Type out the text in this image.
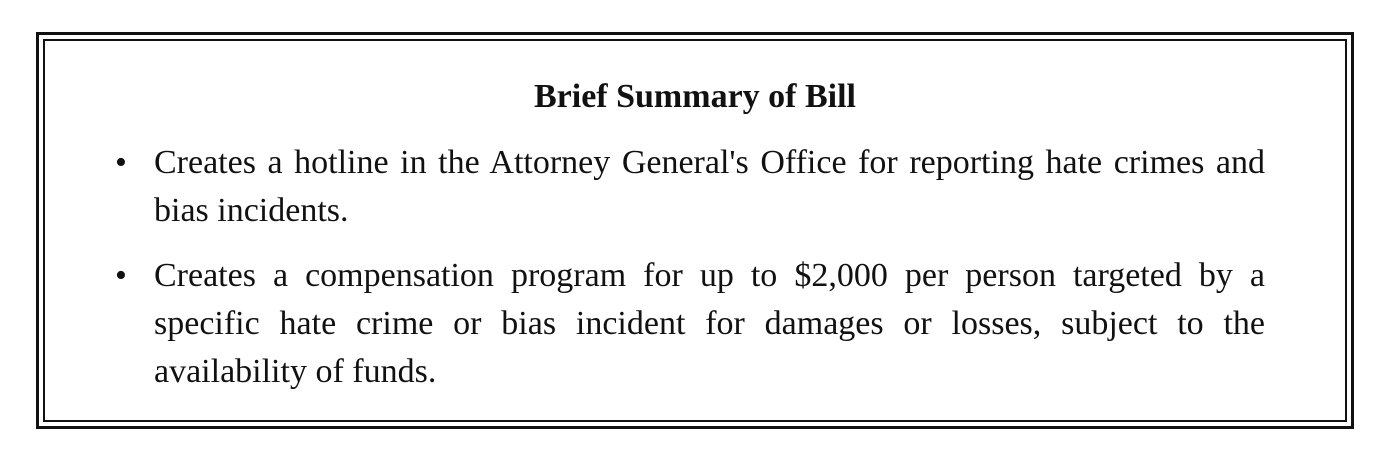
Brief Summary of Bill
• Creates a hotline in the Attorney General's Office for reporting hate crimes and bias incidents.
• Creates a compensation program for up to $2,000 per person targeted by a specific hate crime or bias incident for damages or losses, subject to the availability of funds.
